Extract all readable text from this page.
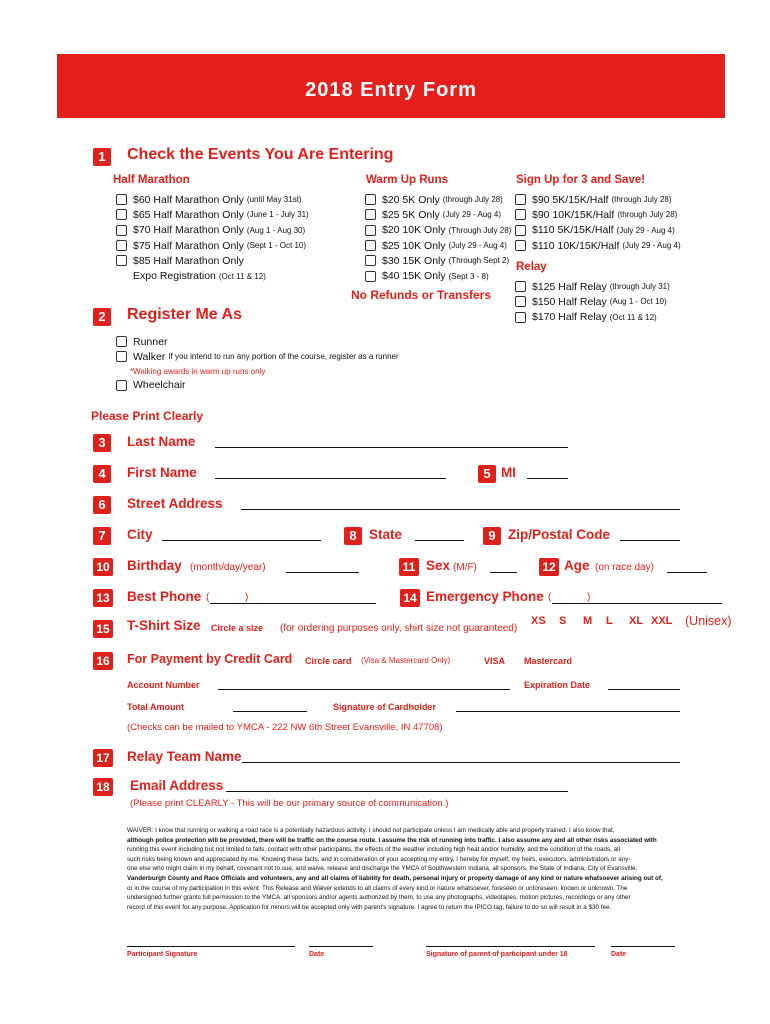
2018 Entry Form
1	Check the Events You Are Entering
Half Marathon
$60 Half Marathon Only (until May 31st)
$65 Half Marathon Only (June 1 - July 31)
$70 Half Marathon Only (Aug 1 - Aug 30)
$75 Half Marathon Only (Sept 1 - Oct 10)
$85 Half Marathon Only
Expo Registration (Oct 11 & 12)
Warm Up Runs
$20 5K Only (through July 28)
$25 5K Only (July 29 - Aug 4)
$20 10K Only (Through July 28)
$25 10K Only (July 29 - Aug 4)
$30 15K Only (Through Sept 2)
$40 15K Only (Sept 3 - 8)
No Refunds or Transfers
Sign Up for 3 and Save!
$90 5K/15K/Half (through July 28)
$90 10K/15K/Half (through July 28)
$110 5K/15K/Half (July 29 - Aug 4)
$110 10K/15K/Half (July 29 - Aug 4)
Relay
$125 Half Relay (through July 31)
$150 Half Relay (Aug 1 - Oct 10)
$170 Half Relay (Oct 11 & 12)
2	Register Me As
Runner
Walker If you intend to run any portion of the course, register as a runner
*Walking awards in warm up runs only
Wheelchair
Please Print Clearly
3	Last Name
4	First Name	5 MI
6	Street Address
7	City	8 State	9 Zip/Postal Code
10 Birthday (month/day/year)	11 Sex (M/F)	12 Age (on race day)
13 Best Phone (	)	14 Emergency Phone (	)
15 T-Shirt Size Circle a size (for ordering purposes only, shirt size not guaranteed)
XS S M L XL XXL (Unisex)
16 For Payment by Credit Card Circle card (Visa & Mastercard Only)	VISA Mastercard
Account Number	Expiration Date
Total Amount	Signature of Cardholder
(Checks can be mailed to YMCA - 222 NW 6th Street Evansville, IN 47708)
17 Relay Team Name
18 Email Address
(Please print CLEARLY - This will be our primary source of communication.)
WAIVER: I know that running or walking a road race is a potentially hazardous activity. I should not participate unless I am medically able and properly trained. I also know that,
although police protection will be provided, there will be traffic on the course route. I assume the risk of running into traffic. I also assume any and all other risks associated with
running this event including but not limited to falls, contact with other participants, the effects of the weather including high heat and/or humidity, and the condition of the roads, all
such risks being known and appreciated by me. Knowing these facts, and in consideration of your accepting my entry, I hereby for myself, my heirs, executors, administrators or any-
one else who might claim in my behalf, covenant not to sue, and waive, release and discharge the YMCA of Southwestern Indiana, all sponsors, the State of Indiana, City of Evansville,
Vanderburgh County and Race Officials and volunteers, any and all claims of liability for death, personal injury or property damage of any kind or nature whatsoever arising out of,
or in the course of my participation in this event. This Release and Waiver extends to all claims of every kind or nature whatsoever, foreseen or unforeseen, known or unknown. The
undersigned further grants full permission to the YMCA, all sponsors and/or agents authorized by them, to use any photographs, videotapes, motion pictures, recordings or any other
record of this event for any purpose. Application for minors will be accepted only with parent's signature. I agree to return the IPICO tag, failure to do so will result in a $30 fee.
Participant Signature	Date	Signature of parent of participant under 18	Date
